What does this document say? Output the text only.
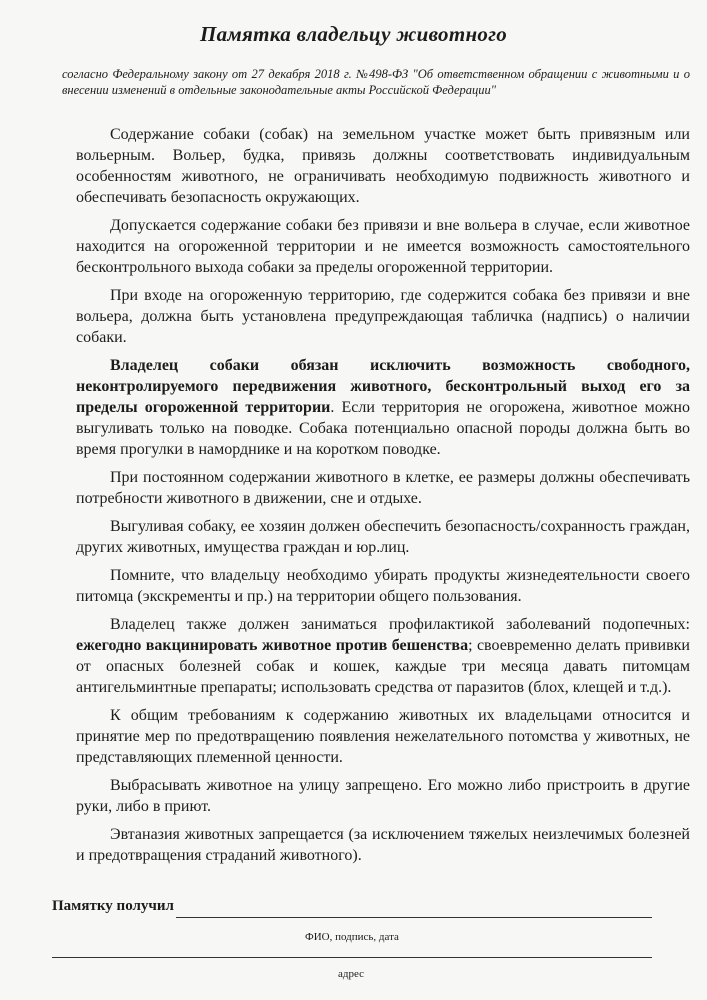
Памятка владельцу животного
согласно Федеральному закону от 27 декабря 2018 г. №498-ФЗ "Об ответственном обращении с животными и о внесении изменений в отдельные законодательные акты Российской Федерации"

Содержание собаки (собак) на земельном участке может быть привязным или вольерным. Вольер, будка, привязь должны соответствовать индивидуальным особенностям животного, не ограничивать необходимую подвижность животного и обеспечивать безопасность окружающих.

Допускается содержание собаки без привязи и вне вольера в случае, если животное находится на огороженной территории и не имеется возможность самостоятельного бесконтрольного выхода собаки за пределы огороженной территории.

При входе на огороженную территорию, где содержится собака без привязи и вне вольера, должна быть установлена предупреждающая табличка (надпись) о наличии собаки.

Владелец собаки обязан исключить возможность свободного, неконтролируемого передвижения животного, бесконтрольный выход его за пределы огороженной территории. Если территория не огорожена, животное можно выгуливать только на поводке. Собака потенциально опасной породы должна быть во время прогулки в наморднике и на коротком поводке.

При постоянном содержании животного в клетке, ее размеры должны обеспечивать потребности животного в движении, сне и отдыхе.

Выгуливая собаку, ее хозяин должен обеспечить безопасность/сохранность граждан, других животных, имущества граждан и юр.лиц.

Помните, что владельцу необходимо убирать продукты жизнедеятельности своего питомца (экскременты и пр.) на территории общего пользования.

Владелец также должен заниматься профилактикой заболеваний подопечных: ежегодно вакцинировать животное против бешенства; своевременно делать прививки от опасных болезней собак и кошек, каждые три месяца давать питомцам антигельминтные препараты; использовать средства от паразитов (блох, клещей и т.д.).

К общим требованиям к содержанию животных их владельцами относится и принятие мер по предотвращению появления нежелательного потомства у животных, не представляющих племенной ценности.

Выбрасывать животное на улицу запрещено. Его можно либо пристроить в другие руки, либо в приют.

Эвтаназия животных запрещается (за исключением тяжелых неизлечимых болезней и предотвращения страданий животного).

Памятку получил
ФИО, подпись, дата
адрес
